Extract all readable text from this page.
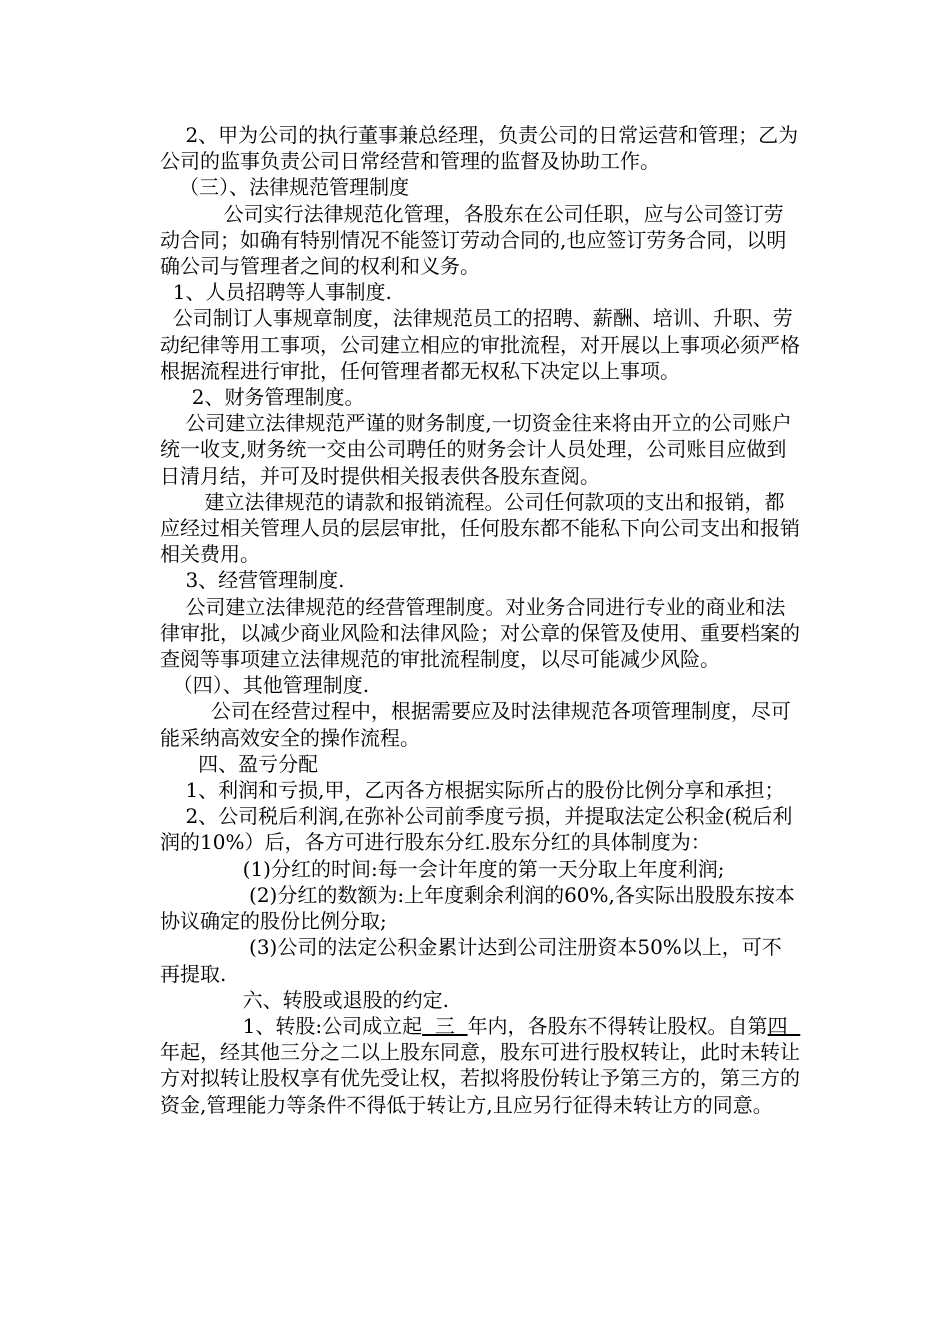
2、甲为公司的执行董事兼总经理，负责公司的日常运营和管理；乙为公司的监事负责公司日常经营和管理的监督及协助工作。

（三）、法律规范管理制度

公司实行法律规范化管理，各股东在公司任职，应与公司签订劳动合同；如确有特别情况不能签订劳动合同的,也应签订劳务合同，以明确公司与管理者之间的权利和义务。

1、人员招聘等人事制度.

公司制订人事规章制度，法律规范员工的招聘、薪酬、培训、升职、劳动纪律等用工事项，公司建立相应的审批流程，对开展以上事项必须严格根据流程进行审批，任何管理者都无权私下决定以上事项。

2、财务管理制度。

公司建立法律规范严谨的财务制度,一切资金往来将由开立的公司账户统一收支,财务统一交由公司聘任的财务会计人员处理，公司账目应做到日清月结，并可及时提供相关报表供各股东查阅。

建立法律规范的请款和报销流程。公司任何款项的支出和报销，都应经过相关管理人员的层层审批，任何股东都不能私下向公司支出和报销相关费用。

3、经营管理制度.

公司建立法律规范的经营管理制度。对业务合同进行专业的商业和法律审批，以减少商业风险和法律风险；对公章的保管及使用、重要档案的查阅等事项建立法律规范的审批流程制度，以尽可能减少风险。

（四）、其他管理制度.

公司在经营过程中，根据需要应及时法律规范各项管理制度，尽可能采纳高效安全的操作流程。

四、盈亏分配

1、利润和亏损,甲，乙丙各方根据实际所占的股份比例分享和承担；

2、公司税后利润,在弥补公司前季度亏损，并提取法定公积金(税后利润的10%）后，各方可进行股东分红.股东分红的具体制度为：

(1)分红的时间:每一会计年度的第一天分取上年度利润;

(2)分红的数额为:上年度剩余利润的60%,各实际出股股东按本协议确定的股份比例分取;

(3)公司的法定公积金累计达到公司注册资本50%以上，可不再提取.

六、转股或退股的约定.

1、转股:公司成立起  三  年内，各股东不得转让股权。自第四  年起，经其他三分之二以上股东同意，股东可进行股权转让，此时未转让方对拟转让股权享有优先受让权，若拟将股份转让予第三方的，第三方的资金,管理能力等条件不得低于转让方,且应另行征得未转让方的同意。
